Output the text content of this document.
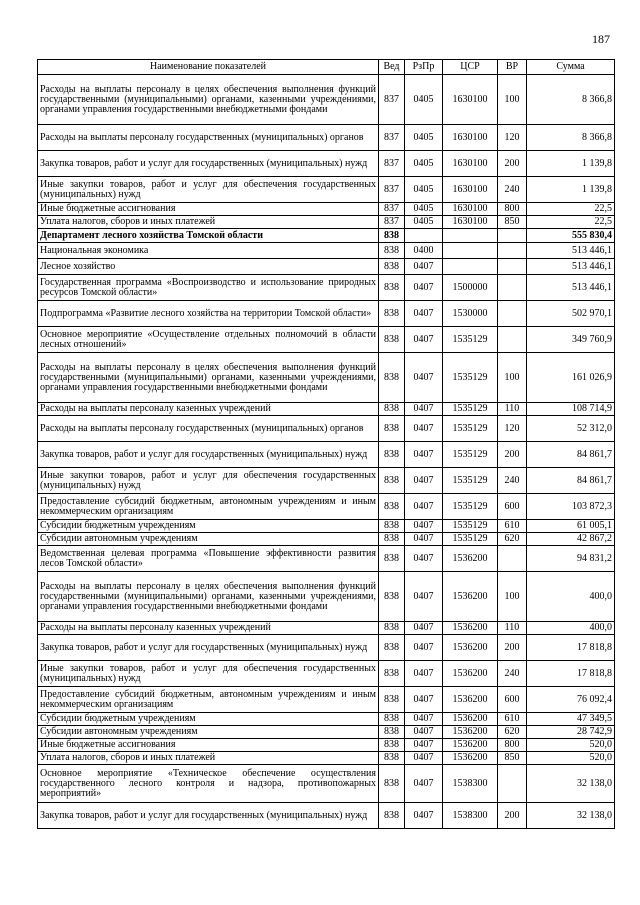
187
Наименование показателей	Вед	РзПр	ЦСР	ВР	Сумма
Расходы на выплаты персоналу в целях обеспечения выполнения функций государственными (муниципальными) органами, казенными учреждениями, органами управления государственными внебюджетными фондами	837	0405	1630100	100	8 366,8
Расходы на выплаты персоналу государственных (муниципальных) органов	837	0405	1630100	120	8 366,8
Закупка товаров, работ и услуг для государственных (муниципальных) нужд	837	0405	1630100	200	1 139,8
Иные закупки товаров, работ и услуг для обеспечения государственных (муниципальных) нужд	837	0405	1630100	240	1 139,8
Иные бюджетные ассигнования	837	0405	1630100	800	22,5
Уплата налогов, сборов и иных платежей	837	0405	1630100	850	22,5
Департамент лесного хозяйства Томской области	838				555 830,4
Национальная экономика	838	0400			513 446,1
Лесное хозяйство	838	0407			513 446,1
Государственная программа «Воспроизводство и использование природных ресурсов Томской области»	838	0407	1500000		513 446,1
Подпрограмма «Развитие лесного хозяйства на территории Томской области»	838	0407	1530000		502 970,1
Основное мероприятие «Осуществление отдельных полномочий в области лесных отношений»	838	0407	1535129		349 760,9
Расходы на выплаты персоналу в целях обеспечения выполнения функций государственными (муниципальными) органами, казенными учреждениями, органами управления государственными внебюджетными фондами	838	0407	1535129	100	161 026,9
Расходы на выплаты персоналу казенных учреждений	838	0407	1535129	110	108 714,9
Расходы на выплаты персоналу государственных (муниципальных) органов	838	0407	1535129	120	52 312,0
Закупка товаров, работ и услуг для государственных (муниципальных) нужд	838	0407	1535129	200	84 861,7
Иные закупки товаров, работ и услуг для обеспечения государственных (муниципальных) нужд	838	0407	1535129	240	84 861,7
Предоставление субсидий бюджетным, автономным учреждениям и иным некоммерческим организациям	838	0407	1535129	600	103 872,3
Субсидии бюджетным учреждениям	838	0407	1535129	610	61 005,1
Субсидии автономным учреждениям	838	0407	1535129	620	42 867,2
Ведомственная целевая программа «Повышение эффективности развития лесов Томской области»	838	0407	1536200		94 831,2
Расходы на выплаты персоналу в целях обеспечения выполнения функций государственными (муниципальными) органами, казенными учреждениями, органами управления государственными внебюджетными фондами	838	0407	1536200	100	400,0
Расходы на выплаты персоналу казенных учреждений	838	0407	1536200	110	400,0
Закупка товаров, работ и услуг для государственных (муниципальных) нужд	838	0407	1536200	200	17 818,8
Иные закупки товаров, работ и услуг для обеспечения государственных (муниципальных) нужд	838	0407	1536200	240	17 818,8
Предоставление субсидий бюджетным, автономным учреждениям и иным некоммерческим организациям	838	0407	1536200	600	76 092,4
Субсидии бюджетным учреждениям	838	0407	1536200	610	47 349,5
Субсидии автономным учреждениям	838	0407	1536200	620	28 742,9
Иные бюджетные ассигнования	838	0407	1536200	800	520,0
Уплата налогов, сборов и иных платежей	838	0407	1536200	850	520,0
Основное мероприятие «Техническое обеспечение осуществления государственного лесного контроля и надзора, противопожарных мероприятий»	838	0407	1538300		32 138,0
Закупка товаров, работ и услуг для государственных (муниципальных) нужд	838	0407	1538300	200	32 138,0
